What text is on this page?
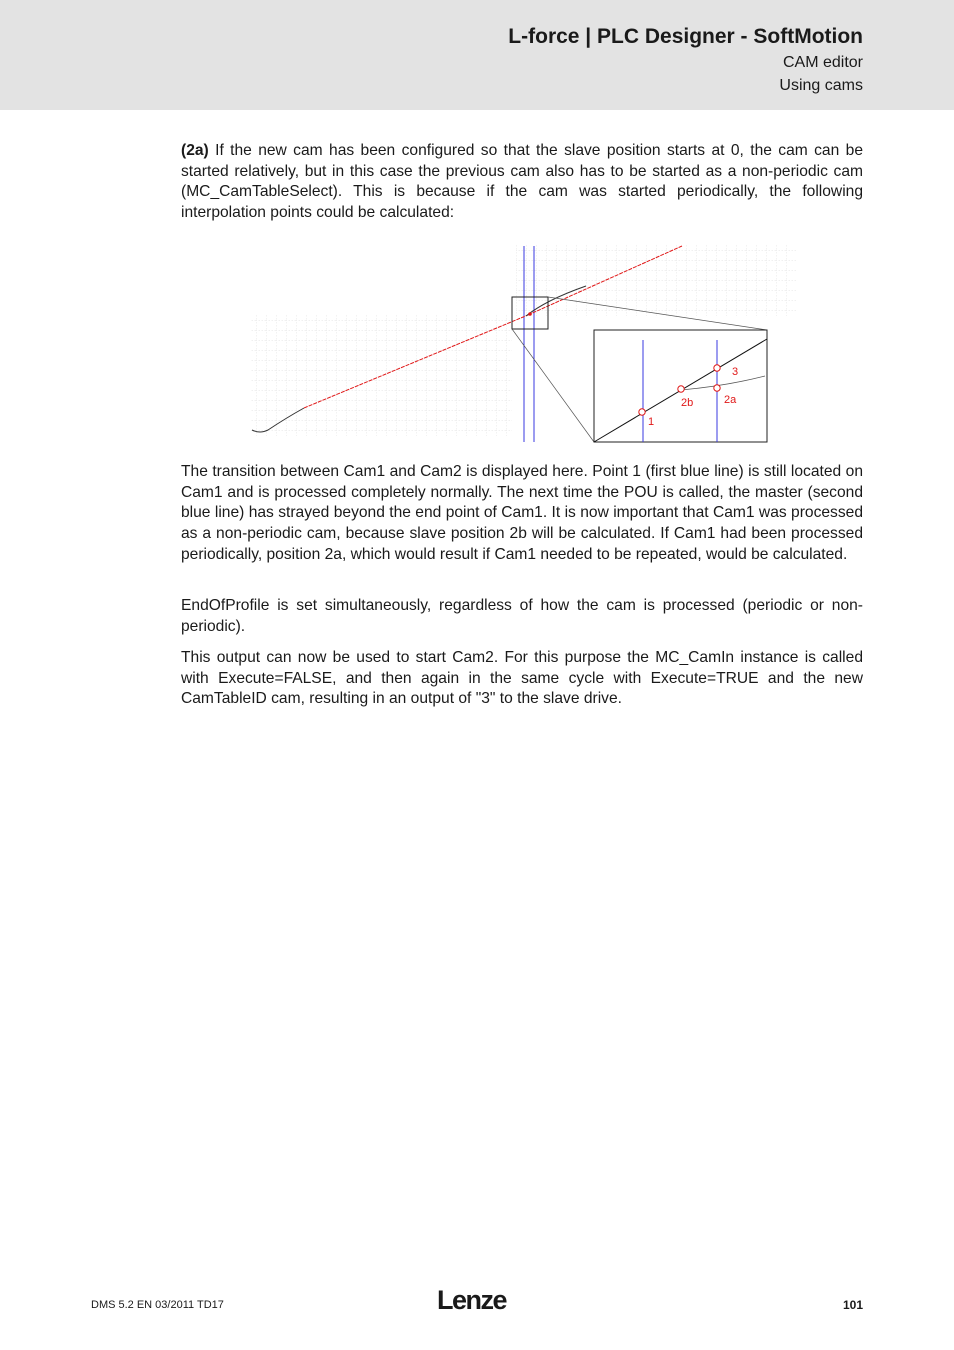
L-force | PLC Designer - SoftMotion
CAM editor
Using cams

(2a) If the new cam has been configured so that the slave position starts at 0, the cam can be started relatively, but in this case the previous cam also has to be started as a non-periodic cam (MC_CamTableSelect). This is because if the cam was started periodically, the following interpolation points could be calculated:

1
2b	2a
3

The transition between Cam1 and Cam2 is displayed here. Point 1 (first blue line) is still located on Cam1 and is processed completely normally. The next time the POU is called, the master (second blue line) has strayed beyond the end point of Cam1. It is now important that Cam1 was processed as a non-periodic cam, because slave position 2b will be calculated. If Cam1 had been processed periodically, position 2a, which would result if Cam1 needed to be repeated, would be calculated.

EndOfProfile is set simultaneously, regardless of how the cam is processed (periodic or non-periodic).

This output can now be used to start Cam2. For this purpose the MC_CamIn instance is called with Execute=FALSE, and then again in the same cycle with Execute=TRUE and the new CamTableID cam, resulting in an output of "3" to the slave drive.

DMS 5.2 EN 03/2011 TD17	Lenze	101
